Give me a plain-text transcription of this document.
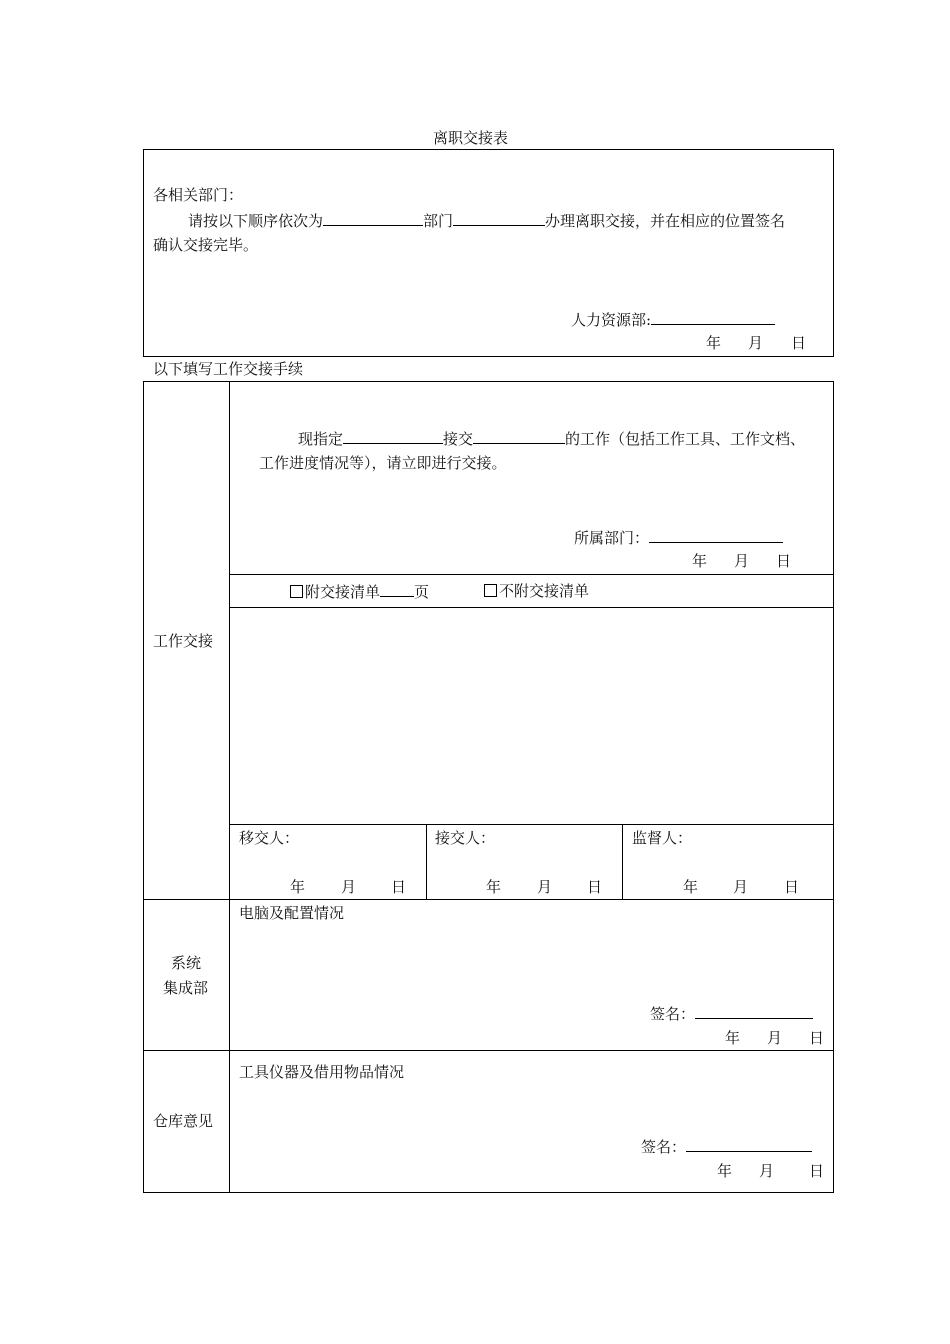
离职交接表
各相关部门：
请按以下顺序依次为	部门	办理离职交接，并在相应的位置签名
确认交接完毕。
人力资源部:
年 月 日
以下填写工作交接手续
工作交接
现指定	接交	的工作（包括工作工具、工作文档、
工作进度情况等），请立即进行交接。
所属部门：
年 月 日
附交接清单 页	不附交接清单
移交人：	接交人：	监督人：
年 月 日	年 月 日	年 月 日
系统
集成部
电脑及配置情况
签名：
年 月 日
仓库意见
工具仪器及借用物品情况
签名：
年 月 日
